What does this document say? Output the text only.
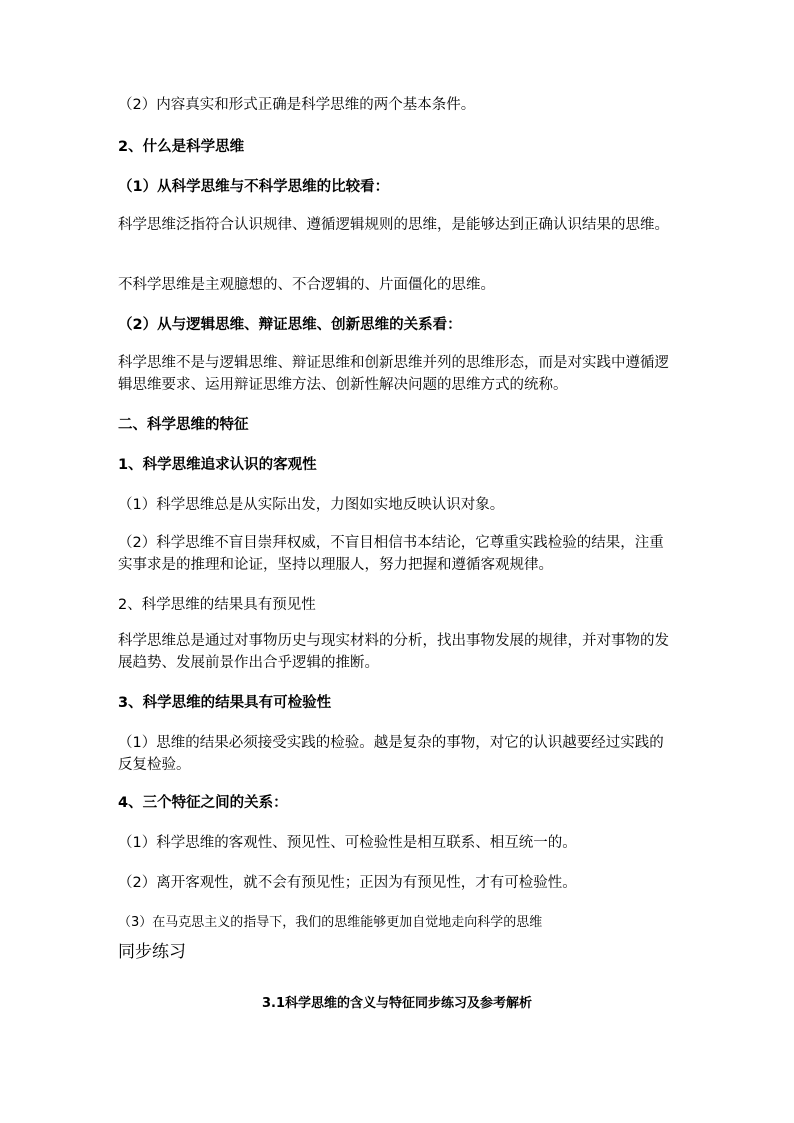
（2）内容真实和形式正确是科学思维的两个基本条件。
2、什么是科学思维
（1）从科学思维与不科学思维的比较看：
科学思维泛指符合认识规律、遵循逻辑规则的思维，是能够达到正确认识结果的思维。
不科学思维是主观臆想的、不合逻辑的、片面僵化的思维。
（2）从与逻辑思维、辩证思维、创新思维的关系看：
科学思维不是与逻辑思维、辩证思维和创新思维并列的思维形态，而是对实践中遵循逻辑思维要求、运用辩证思维方法、创新性解决问题的思维方式的统称。
二、科学思维的特征
1、科学思维追求认识的客观性
（1）科学思维总是从实际出发，力图如实地反映认识对象。
（2）科学思维不盲目崇拜权威，不盲目相信书本结论，它尊重实践检验的结果，注重实事求是的推理和论证，坚持以理服人，努力把握和遵循客观规律。
2、科学思维的结果具有预见性
科学思维总是通过对事物历史与现实材料的分析，找出事物发展的规律，并对事物的发展趋势、发展前景作出合乎逻辑的推断。
3、科学思维的结果具有可检验性
（1）思维的结果必须接受实践的检验。越是复杂的事物，对它的认识越要经过实践的反复检验。
4、三个特征之间的关系：
（1）科学思维的客观性、预见性、可检验性是相互联系、相互统一的。
（2）离开客观性，就不会有预见性；正因为有预见性，才有可检验性。
（3）在马克思主义的指导下，我们的思维能够更加自觉地走向科学的思维
同步练习
3.1科学思维的含义与特征同步练习及参考解析
